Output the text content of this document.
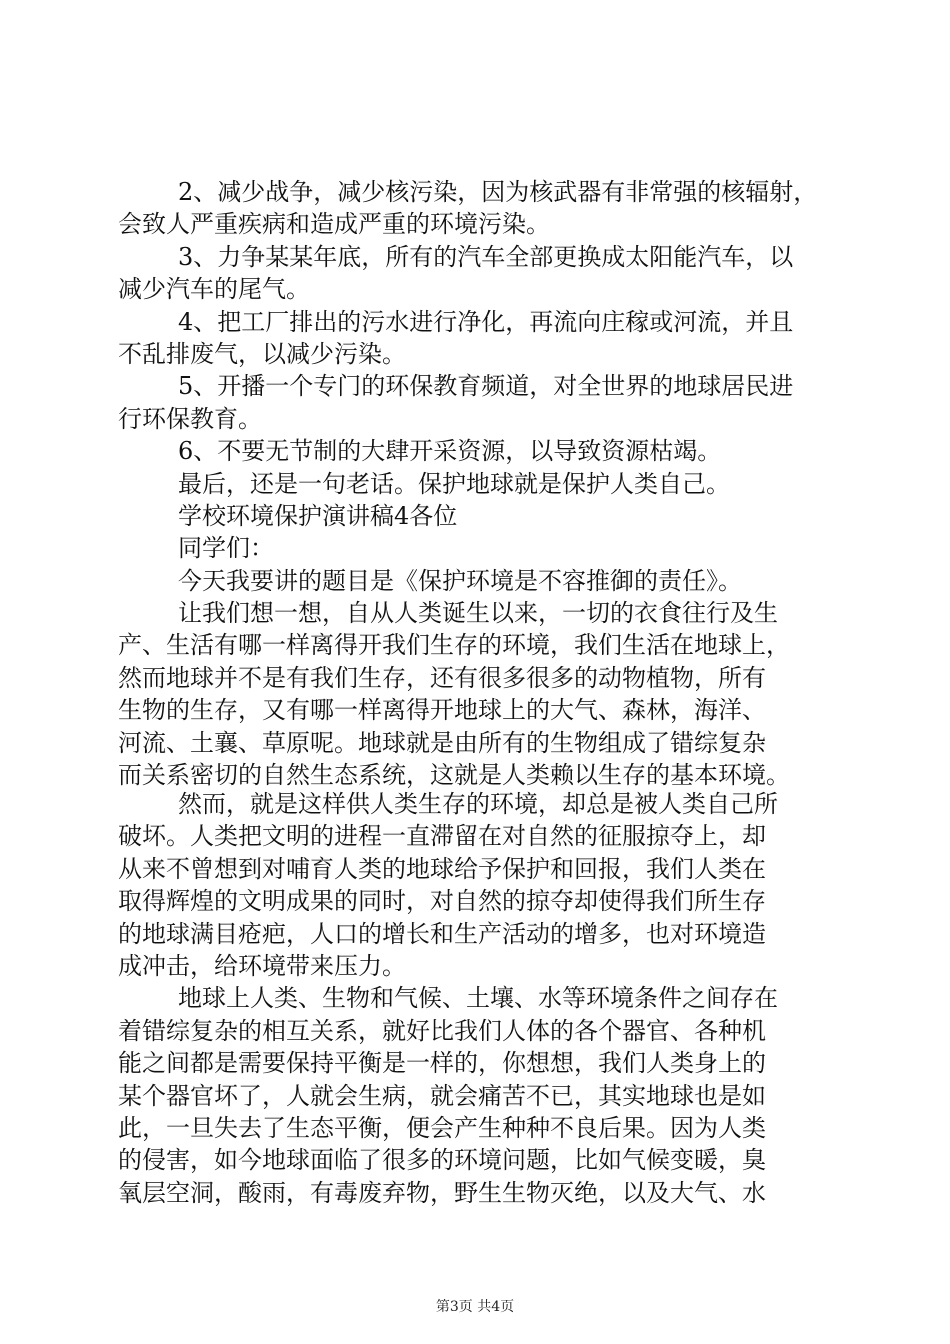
2、减少战争，减少核污染，因为核武器有非常强的核辐射，
会致人严重疾病和造成严重的环境污染。
3、力争某某年底，所有的汽车全部更换成太阳能汽车，以
减少汽车的尾气。
4、把工厂排出的污水进行净化，再流向庄稼或河流，并且
不乱排废气，以减少污染。
5、开播一个专门的环保教育频道，对全世界的地球居民进
行环保教育。
6、不要无节制的大肆开采资源，以导致资源枯竭。
最后，还是一句老话。保护地球就是保护人类自己。
学校环境保护演讲稿4各位
同学们：
今天我要讲的题目是《保护环境是不容推御的责任》。
让我们想一想，自从人类诞生以来，一切的衣食往行及生
产、生活有哪一样离得开我们生存的环境，我们生活在地球上，
然而地球并不是有我们生存，还有很多很多的动物植物，所有
生物的生存，又有哪一样离得开地球上的大气、森林，海洋、
河流、土襄、草原呢。地球就是由所有的生物组成了错综复杂
而关系密切的自然生态系统，这就是人类赖以生存的基本环境。
然而，就是这样供人类生存的环境，却总是被人类自己所
破坏。人类把文明的进程一直滞留在对自然的征服掠夺上，却
从来不曾想到对哺育人类的地球给予保护和回报，我们人类在
取得辉煌的文明成果的同时，对自然的掠夺却使得我们所生存
的地球满目疮疤，人口的增长和生产活动的增多，也对环境造
成冲击，给环境带来压力。
地球上人类、生物和气候、土壤、水等环境条件之间存在
着错综复杂的相互关系，就好比我们人体的各个器官、各种机
能之间都是需要保持平衡是一样的，你想想，我们人类身上的
某个器官坏了，人就会生病，就会痛苦不已，其实地球也是如
此，一旦失去了生态平衡，便会产生种种不良后果。因为人类
的侵害，如今地球面临了很多的环境问题，比如气候变暖，臭
氧层空洞，酸雨，有毒废弃物，野生生物灭绝，以及大气、水
第3页 共4页
